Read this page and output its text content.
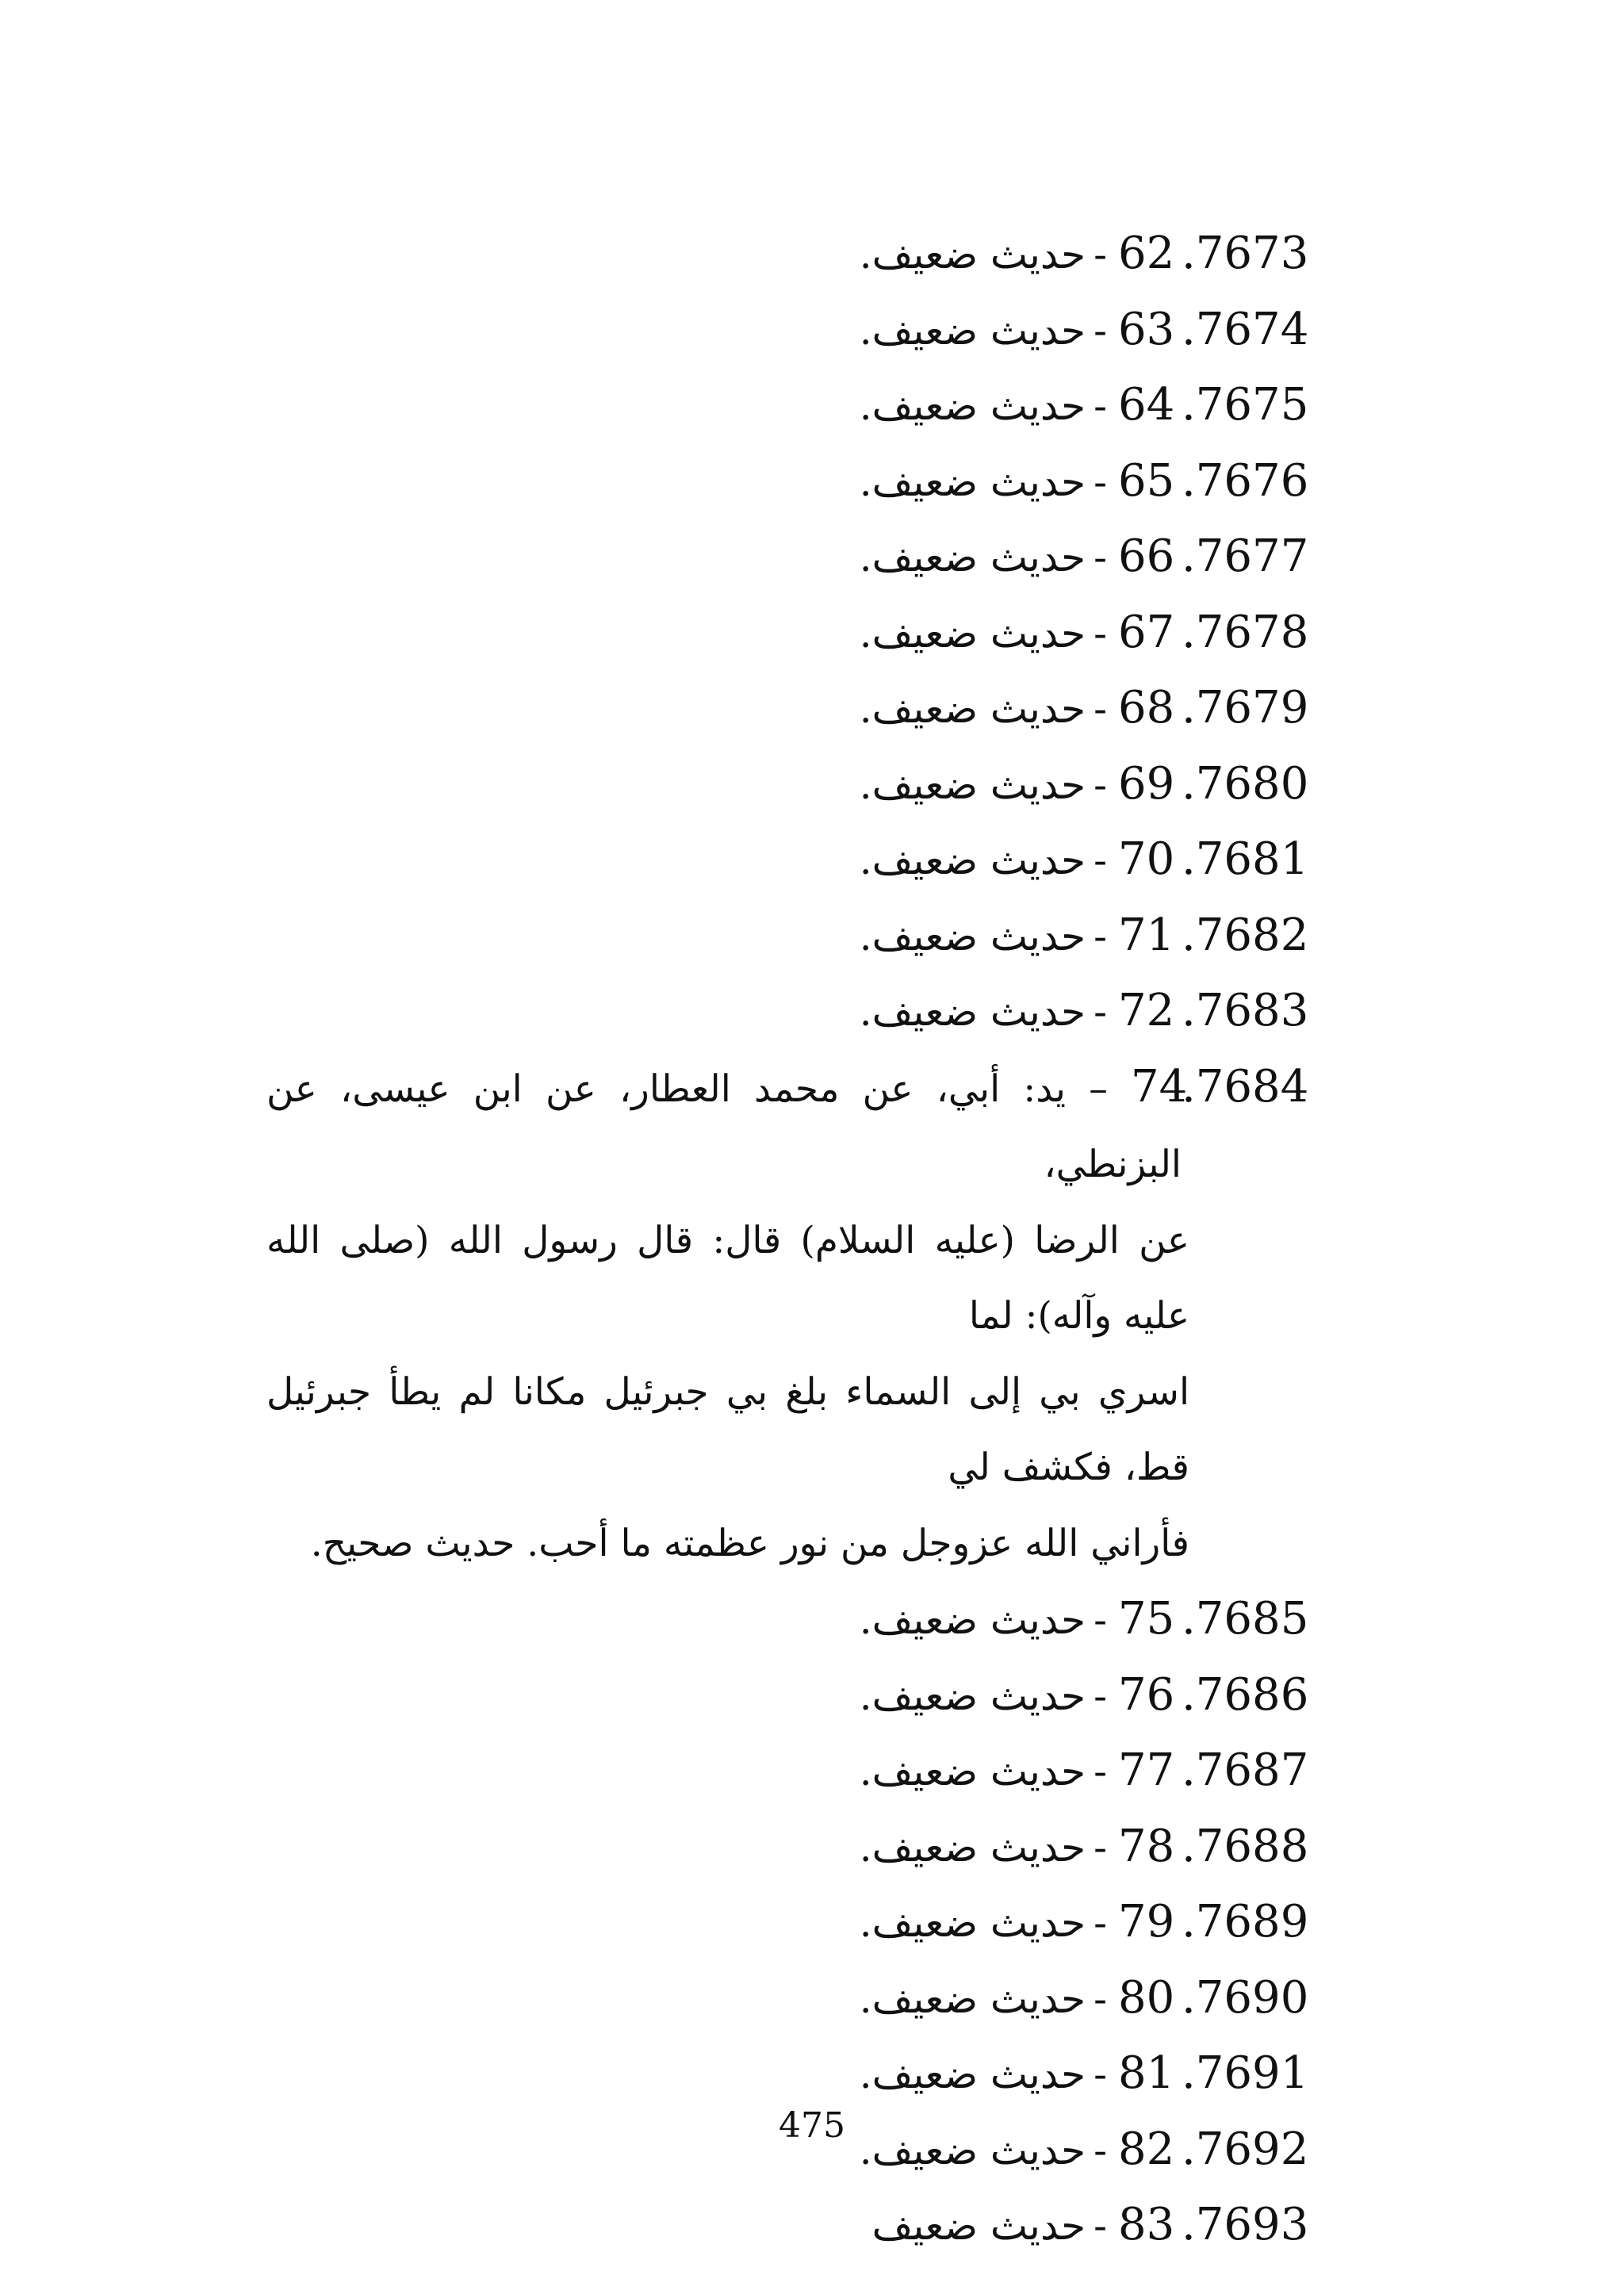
.7673
62-حديث ضعيف.
.7674
63-حديث ضعيف.
.7675
64-حديث ضعيف.
.7676
65-حديث ضعيف.
.7677
66-حديث ضعيف.
.7678
67-حديث ضعيف.
.7679
68-حديث ضعيف.
.7680
69-حديث ضعيف.
.7681
70-حديث ضعيف.
.7682
71-حديث ضعيف.
.7683
72-حديث ضعيف.
.7684
74 – يد: أبي، عن محمد العطار، عن ابن عيسى، عن البزنطي،
عن الرضا (عليه السلام) قال: قال رسول الله (صلى الله عليه وآله): لما
اسري بي إلى السماء بلغ بي جبرئيل مكانا لم يطأ جبرئيل قط، فكشف لي
فأراني الله عزوجل من نور عظمته ما أحب. حديث صحيح.
.7685
75-حديث ضعيف.
.7686
76-حديث ضعيف.
.7687
77-حديث ضعيف.
.7688
78-حديث ضعيف.
.7689
79-حديث ضعيف.
.7690
80-حديث ضعيف.
.7691
81-حديث ضعيف.
.7692
82-حديث ضعيف.
.7693
83-حديث ضعيف
475
